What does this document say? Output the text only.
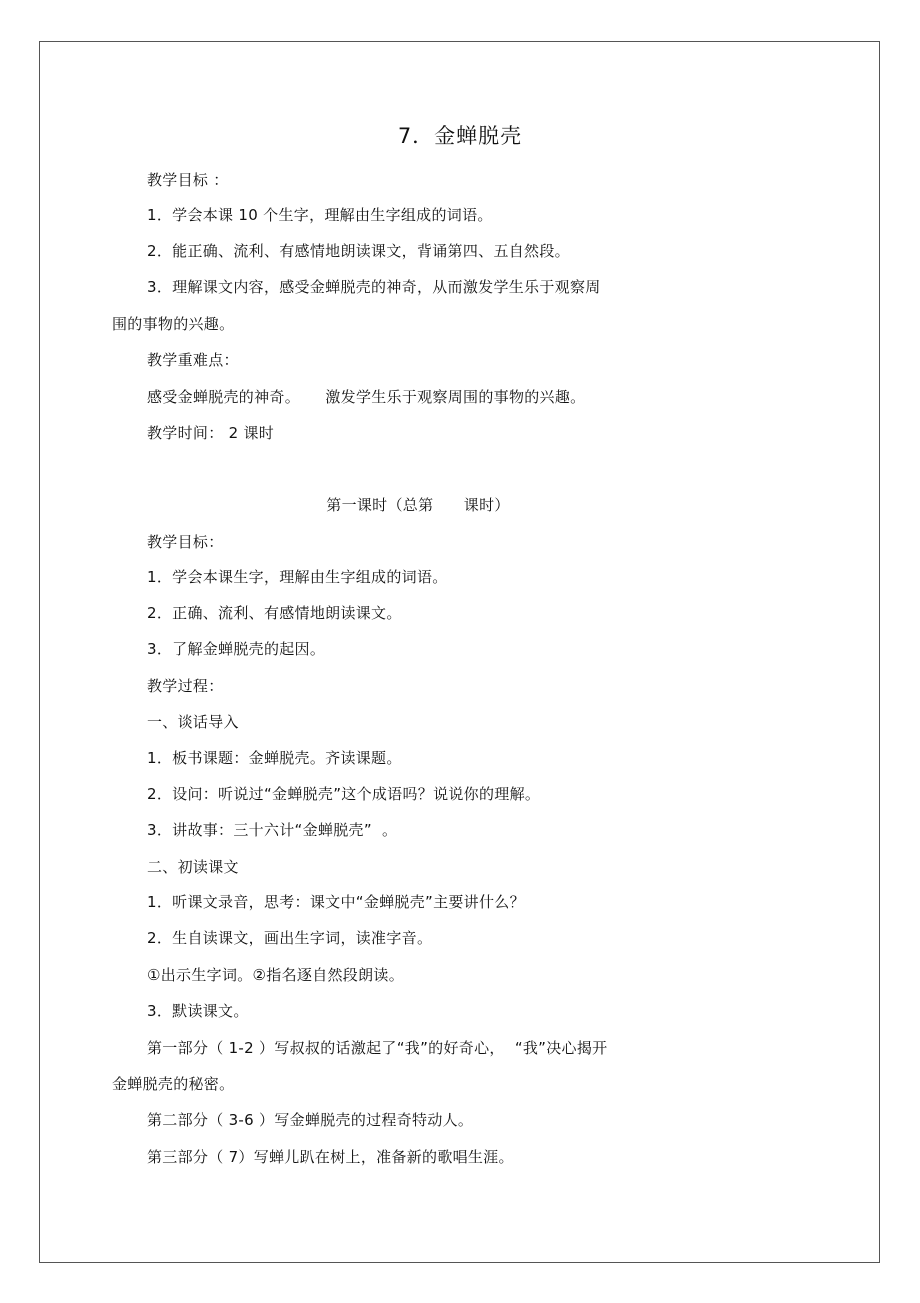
7．金蝉脱壳
教学目标 ：
1．学会本课 10 个生字，理解由生字组成的词语。
2．能正确、流利、有感情地朗读课文，背诵第四、五自然段。
3．理解课文内容，感受金蝉脱壳的神奇，从而激发学生乐于观察周
围的事物的兴趣。
教学重难点：
感受金蝉脱壳的神奇。     激发学生乐于观察周围的事物的兴趣。
教学时间： 2 课时
第一课时（总第      课时）
教学目标：
1．学会本课生字，理解由生字组成的词语。
2．正确、流利、有感情地朗读课文。
3．了解金蝉脱壳的起因。
教学过程：
一、谈话导入
1．板书课题：金蝉脱壳。齐读课题。
2．设问：听说过“金蝉脱壳”这个成语吗？说说你的理解。
3．讲故事：三十六计“金蝉脱壳”  。
二、初读课文
1．听课文录音，思考：课文中“金蝉脱壳”主要讲什么？
2．生自读课文，画出生字词，读准字音。
①出示生字词。②指名逐自然段朗读。
3．默读课文。
第一部分（ 1-2 ）写叔叔的话激起了“我”的好奇心，  “我”决心揭开
金蝉脱壳的秘密。
第二部分（ 3-6 ）写金蝉脱壳的过程奇特动人。
第三部分（ 7）写蝉儿趴在树上，准备新的歌唱生涯。
